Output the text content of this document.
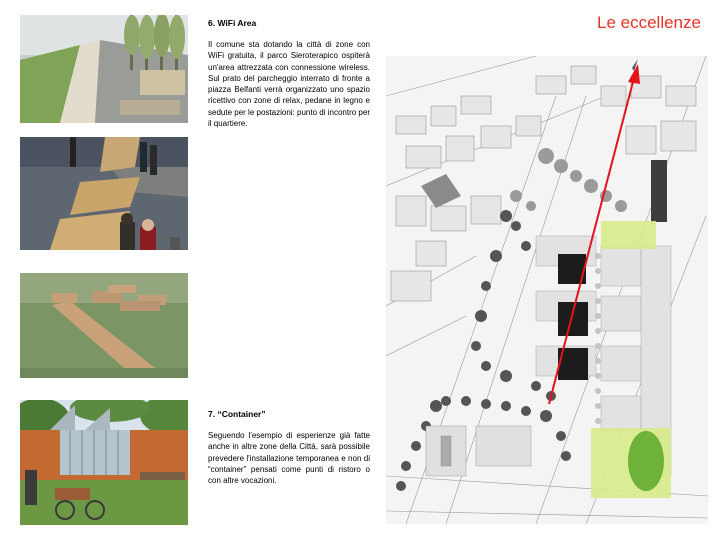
Le eccellenze
6. WiFi Area
Il comune sta dotando la città di zone con WiFi gratuita, il parco Sieroterapico ospiterà un'area attrezzata con connessione wireless. Sul prato del parcheggio interrato di fronte a piazza Belfanti verrà organizzato uno spazio ricettivo con zone di relax, pedane in legno e sedute per le postazioni: punto di incontro per il quartiere.
7. “Container”
Seguendo l'esempio di esperienze già fatte anche in altre zone della Città, sarà possibile prevedere l'installazione temporanea e non di “container” pensati come punti di ristoro o con altre vocazioni.
